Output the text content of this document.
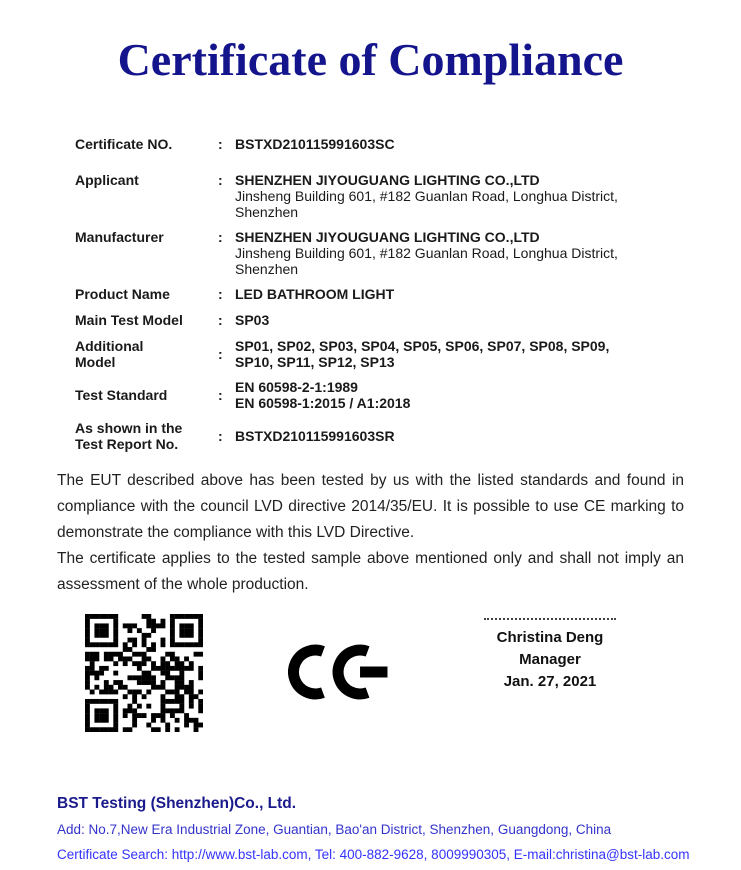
Certificate of Compliance
Certificate NO.	: BSTXD210115991603SC
Applicant	: SHENZHEN JIYOUGUANG LIGHTING CO.,LTD
Jinsheng Building 601, #182 Guanlan Road, Longhua District,
Shenzhen
Manufacturer	: SHENZHEN JIYOUGUANG LIGHTING CO.,LTD
Jinsheng Building 601, #182 Guanlan Road, Longhua District,
Shenzhen
Product Name	: LED BATHROOM LIGHT
Main Test Model	: SP03
Additional
Model	: SP01, SP02, SP03, SP04, SP05, SP06, SP07, SP08, SP09,
SP10, SP11, SP12, SP13
Test Standard	: EN 60598-2-1:1989
EN 60598-1:2015 / A1:2018
As shown in the
Test Report No.	: BSTXD210115991603SR
The EUT described above has been tested by us with the listed standards and found in compliance with the council LVD directive 2014/35/EU. It is possible to use CE marking to demonstrate the compliance with this LVD Directive.
The certificate applies to the tested sample above mentioned only and shall not imply an assessment of the whole production.
Christina Deng
Manager
Jan. 27, 2021
BST Testing (Shenzhen)Co., Ltd.
Add: No.7,New Era Industrial Zone, Guantian, Bao'an District, Shenzhen, Guangdong, China
Certificate Search: http://www.bst-lab.com, Tel: 400-882-9628, 8009990305, E-mail:christina@bst-lab.com
